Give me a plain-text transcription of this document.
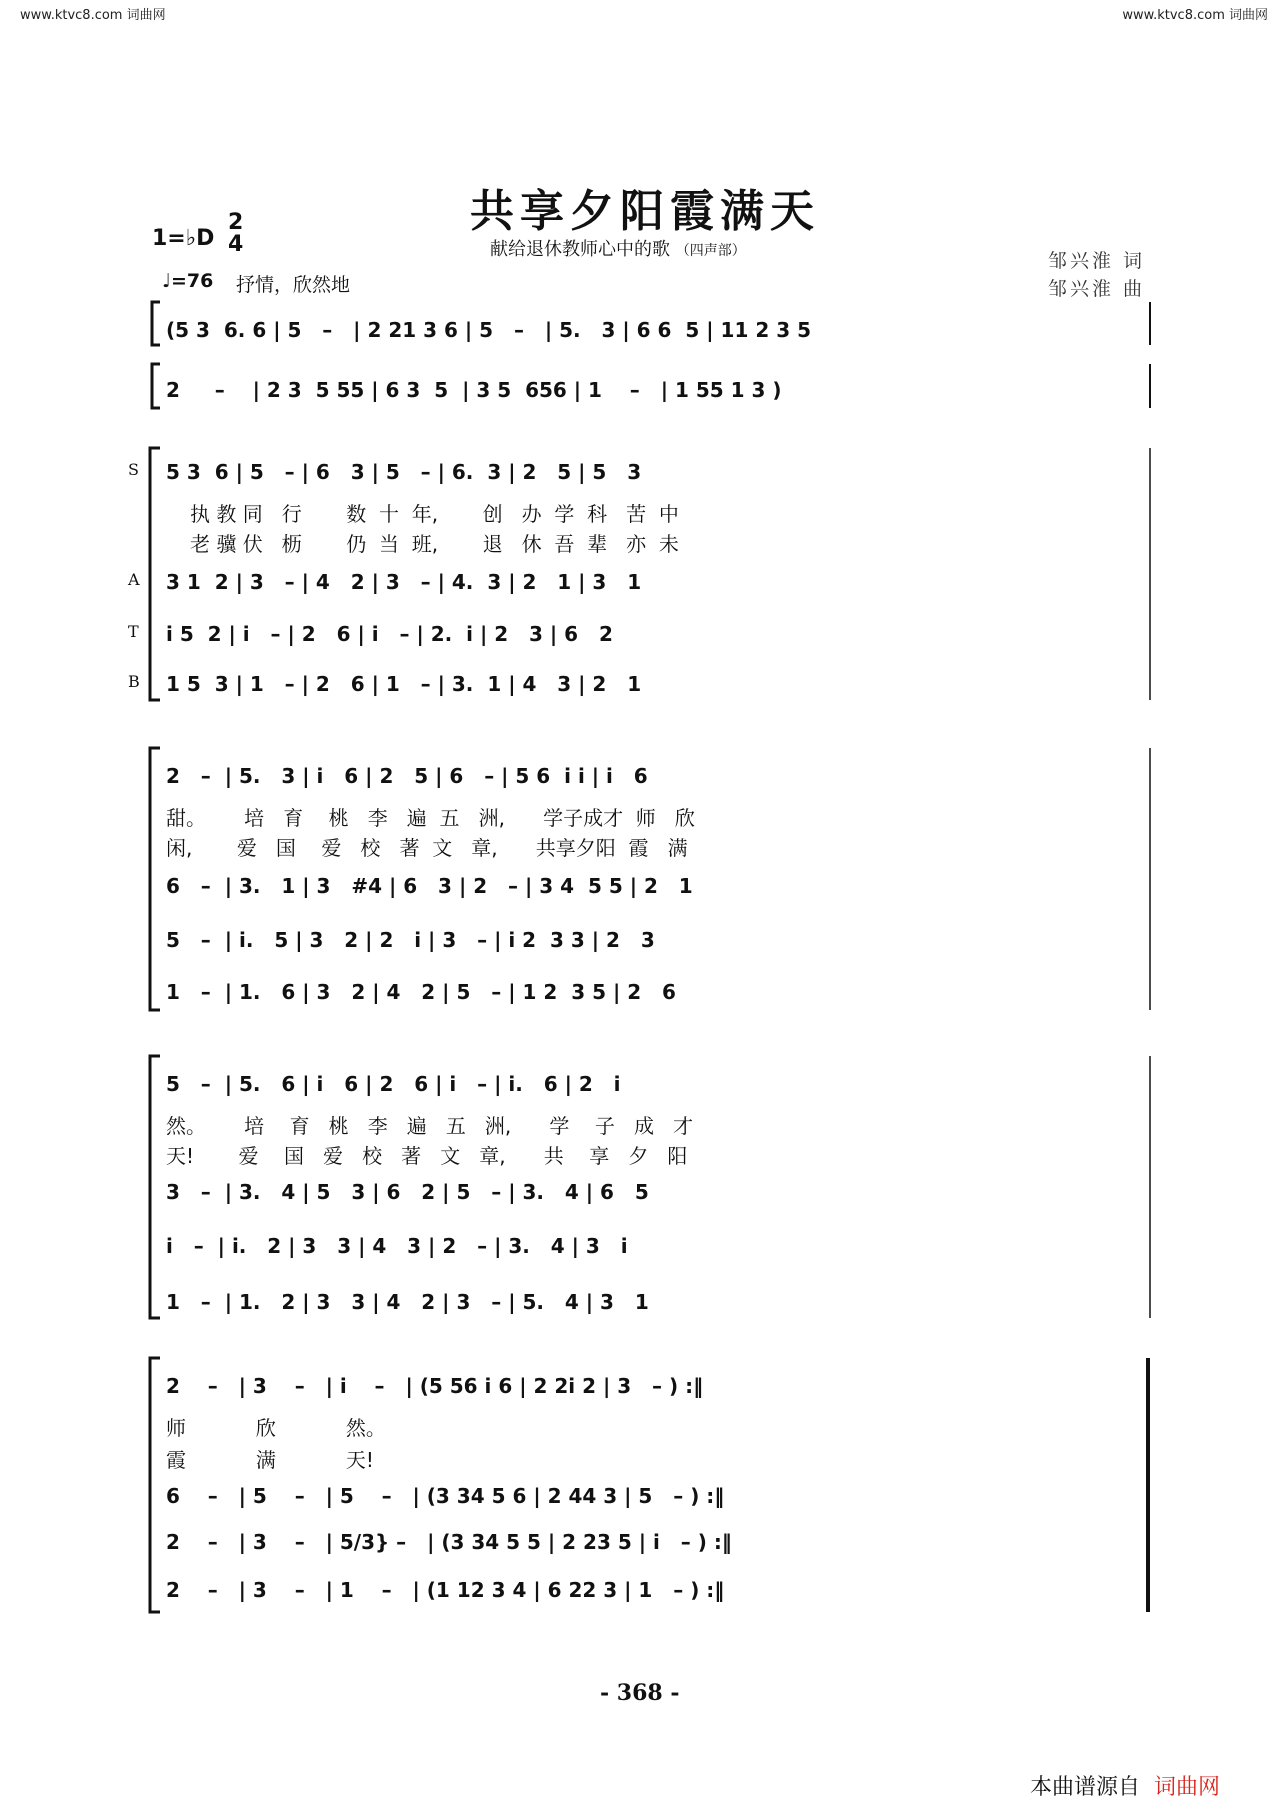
www.ktvc8.com 词曲网	www.ktvc8.com 词曲网
共享夕阳霞满天
献给退休教师心中的歌 （四声部）	邹兴淮 词
邹兴淮 曲
1=♭D
2
4
♩=76 抒情，欣然地
(5 3  6. 6 | 5   –   | 2 21 3 6 | 5   –   | 5.   3 | 6 6  5 | 11 2 3 5
2     –    | 2 3  5 55 | 6 3  5  | 3 5  656 | 1    –   | 1 55 1 3 )
S
A
T
B
5 3  6 | 5   – | 6   3 | 5   – | 6.  3 | 2   5 | 5   3
执 教 同   行       数  十  年,       创   办  学  科   苦  中
老 骥 伏   枥       仍  当  班,       退   休  吾  辈   亦  未
3 1  2 | 3   – | 4   2 | 3   – | 4.  3 | 2   1 | 3   1
i 5  2 | i   – | 2   6 | i   – | 2.  i | 2   3 | 6   2
1 5  3 | 1   – | 2   6 | 1   – | 3.  1 | 4   3 | 2   1
2   –  | 5.   3 | i   6 | 2   5 | 6   – | 5 6  i i | i   6
甜。      培   育    桃   李   遍  五   洲,      学子成才  师   欣
闲,       爱   国    爱   校   著  文   章,      共享夕阳  霞   满
6   –  | 3.   1 | 3   #4 | 6   3 | 2   – | 3 4  5 5 | 2   1
5   –  | i.   5 | 3   2 | 2   i | 3   – | i 2  3 3 | 2   3
1   –  | 1.   6 | 3   2 | 4   2 | 5   – | 1 2  3 5 | 2   6
5   –  | 5.   6 | i   6 | 2   6 | i   – | i.   6 | 2   i
然。      培    育   桃   李   遍   五   洲,      学    子   成   才
天!       爱    国   爱   校   著   文   章,      共    享   夕   阳
3   –  | 3.   4 | 5   3 | 6   2 | 5   – | 3.   4 | 6   5
i   –  | i.   2 | 3   3 | 4   3 | 2   – | 3.   4 | 3   i
1   –  | 1.   2 | 3   3 | 4   2 | 3   – | 5.   4 | 3   1
2    –   | 3    –   | i    –   | (5 56 i 6 | 2 2i 2 | 3   – ) :‖
师           欣           然。
霞           满           天!
6    –   | 5    –   | 5    –   | (3 34 5 6 | 2 44 3 | 5   – ) :‖
2    –   | 3    –   | 5/3} –   | (3 34 5 5 | 2 23 5 | i   – ) :‖
2    –   | 3    –   | 1    –   | (1 12 3 4 | 6 22 3 | 1   – ) :‖
- 368 -
本曲谱源自 词曲网
